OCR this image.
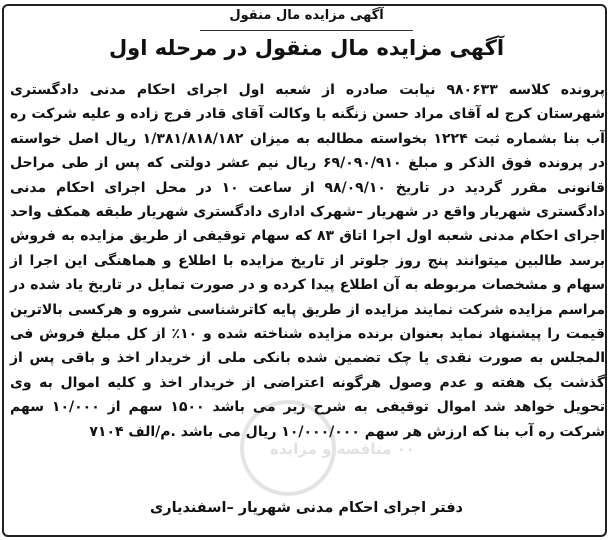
آگهی مزایده مال منقول
آگهی مزایده مال منقول در مرحله اول
پرونده کلاسه ۹۸۰۶۳۳ نیابت صادره از شعبه اول اجرای احکام مدنی دادگستری شهرستان کرج له آقای مراد حسن زنگنه با وکالت آقای قادر فرج زاده و علیه شرکت ره آب بنا بشماره ثبت ۱۲۲۴ بخواسته مطالبه به میزان ۱/۳۸۱/۸۱۸/۱۸۲ ریال اصل خواسته در پرونده فوق الذکر و مبلغ ۶۹/۰۹۰/۹۱۰ ریال نیم عشر دولتی که پس از طی مراحل قانونی مقرر گردید در تاریخ ۹۸/۰۹/۱۰ از ساعت ۱۰ در محل اجرای احکام مدنی دادگستری شهریار واقع در شهریار –شهرک اداری دادگستری شهریار طبقه همکف واحد اجرای احکام مدنی شعبه اول اجرا اتاق ۸۳ که سهام توقیفی از طریق مزایده به فروش برسد طالبین میتوانند پنج روز جلوتر از تاریخ مزایده با اطلاع و هماهنگی این اجرا از سهام و مشخصات مربوطه به آن اطلاع پیدا کرده و در صورت تمایل در تاریخ یاد شده در مراسم مزایده شرکت نمایند مزایده از طریق پایه کاترشناسی شروه و هرکسی بالاترین قیمت را پیشنهاد نماید بعنوان برنده مزایده شناخته شده و ۱۰٪ از کل مبلغ فروش فی المجلس به صورت نقدی یا چک تضمین شده بانکی ملی از خریدار اخذ و باقی پس از گذشت یک هفته و عدم وصول هرگونه اعتراضی از خریدار اخذ و کلیه اموال به وی تحویل خواهد شد اموال توقیفی به شرح زیر می باشد ۱۵۰۰ سهم از ۱۰/۰۰۰ سهم شرکت ره آب بنا که ارزش هر سهم ۱۰/۰۰۰/۰۰۰ ریال می باشد .م/الف ۷۱۰۴
۰۰ مناقصه و مزایده
دفتر اجرای احکام مدنی شهریار –اسفندیاری
